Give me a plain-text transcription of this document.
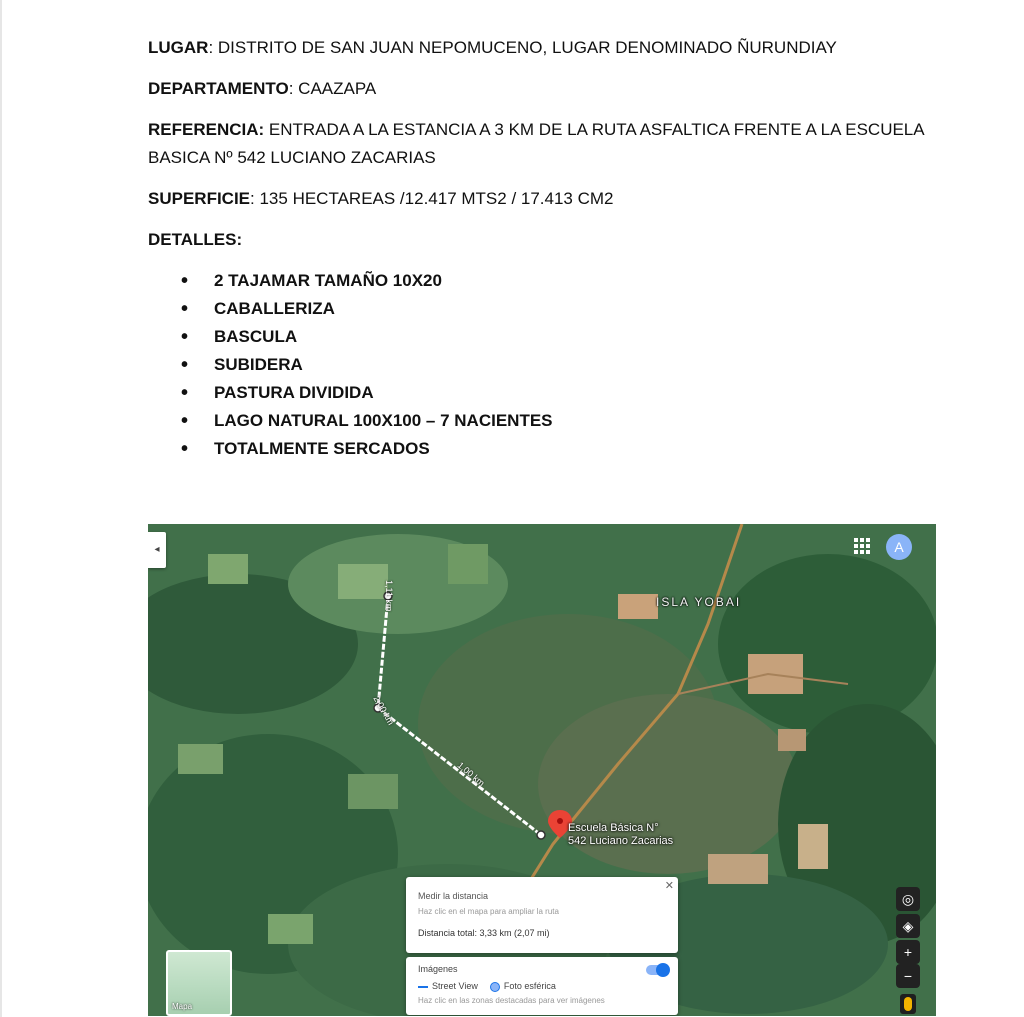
LUGAR: DISTRITO DE SAN JUAN NEPOMUCENO, LUGAR DENOMINADO ÑURUNDIAY

DEPARTAMENTO: CAAZAPA

REFERENCIA: ENTRADA A LA ESTANCIA A 3 KM DE LA RUTA ASFALTICA FRENTE A LA ESCUELA BASICA Nº 542 LUCIANO ZACARIAS

SUPERFICIE: 135 HECTAREAS /12.417 MTS2 / 17.413 CM2

DETALLES:

• 2 TAJAMAR TAMAÑO 10X20
• CABALLERIZA
• BASCULA
• SUBIDERA
• PASTURA DIVIDIDA
• LAGO NATURAL 100X100 – 7 NACIENTES
• TOTALMENTE SERCADOS
◂	A
ISLA YOBAI
1,11 km
2,00 km
1,00 km
Escuela Básica N°
542 Luciano Zacarias
Medir la distancia
Haz clic en el mapa para ampliar la ruta
Distancia total: 3,33 km (2,07 mi)
✕
Imágenes
Street View	Foto esférica
Haz clic en las zonas destacadas para ver imágenes
Mapa
◎
◈
+
−
